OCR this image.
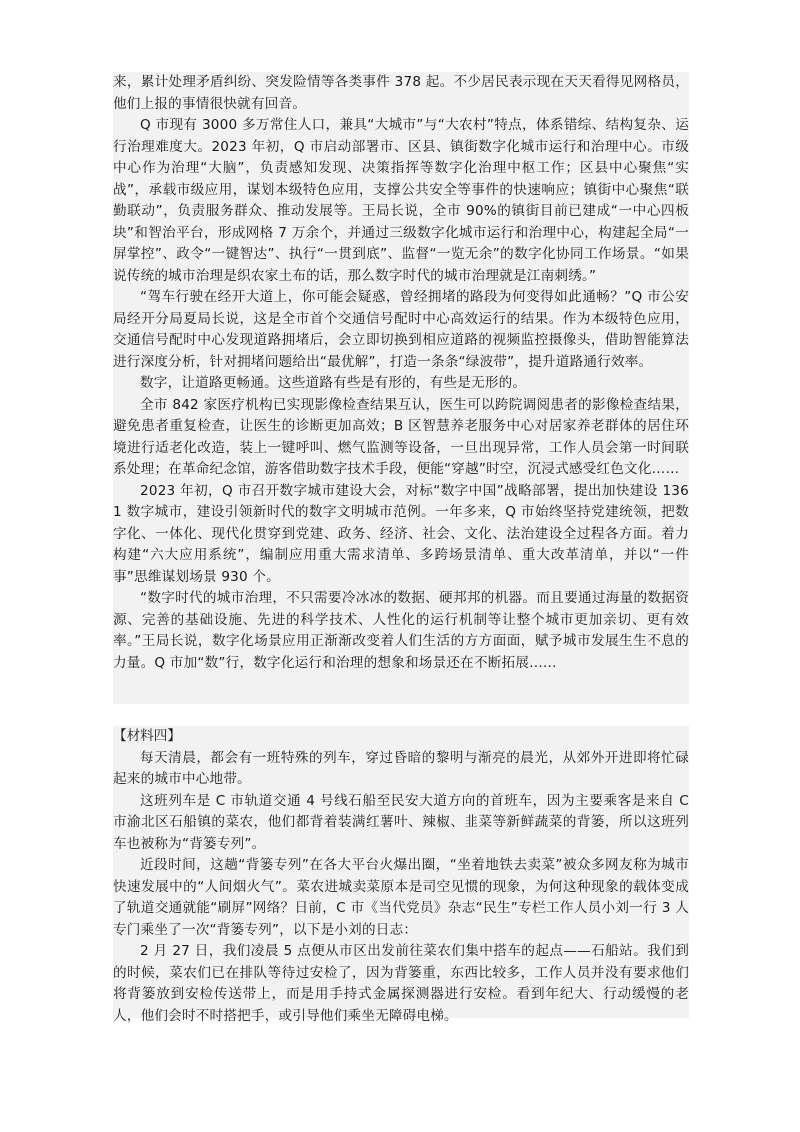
来，累计处理矛盾纠纷、突发险情等各类事件 378 起。不少居民表示现在天天看得见网格员，他们上报的事情很快就有回音。

Q 市现有 3000 多万常住人口，兼具“大城市”与“大农村”特点，体系错综、结构复杂、运行治理难度大。2023 年初，Q 市启动部署市、区县、镇街数字化城市运行和治理中心。市级中心作为治理“大脑”，负责感知发现、决策指挥等数字化治理中枢工作；区县中心聚焦“实战”，承载市级应用，谋划本级特色应用，支撑公共安全等事件的快速响应；镇街中心聚焦“联勤联动”，负责服务群众、推动发展等。王局长说，全市 90%的镇街目前已建成“一中心四板块”和智治平台，形成网格 7 万余个，并通过三级数字化城市运行和治理中心，构建起全局“一屏掌控”、政令“一键智达”、执行“一贯到底”、监督“一览无余”的数字化协同工作场景。“如果说传统的城市治理是织农家土布的话，那么数字时代的城市治理就是江南刺绣。”

“驾车行驶在经开大道上，你可能会疑惑，曾经拥堵的路段为何变得如此通畅？”Q 市公安局经开分局夏局长说，这是全市首个交通信号配时中心高效运行的结果。作为本级特色应用，交通信号配时中心发现道路拥堵后，会立即切换到相应道路的视频监控摄像头，借助智能算法进行深度分析，针对拥堵问题给出“最优解”，打造一条条“绿波带”，提升道路通行效率。

数字，让道路更畅通。这些道路有些是有形的，有些是无形的。

全市 842 家医疗机构已实现影像检查结果互认，医生可以跨院调阅患者的影像检查结果，避免患者重复检查，让医生的诊断更加高效；B 区智慧养老服务中心对居家养老群体的居住环境进行适老化改造，装上一键呼叫、燃气监测等设备，一旦出现异常，工作人员会第一时间联系处理；在革命纪念馆，游客借助数字技术手段，便能“穿越”时空，沉浸式感受红色文化……

2023 年初，Q 市召开数字城市建设大会，对标“数字中国”战略部署，提出加快建设 1361 数字城市，建设引领新时代的数字文明城市范例。一年多来，Q 市始终坚持党建统领，把数字化、一体化、现代化贯穿到党建、政务、经济、社会、文化、法治建设全过程各方面。着力构建“六大应用系统”，编制应用重大需求清单、多跨场景清单、重大改革清单，并以“一件事”思维谋划场景 930 个。

“数字时代的城市治理，不只需要冷冰冰的数据、硬邦邦的机器。而且要通过海量的数据资源、完善的基础设施、先进的科学技术、人性化的运行机制等让整个城市更加亲切、更有效率。”王局长说，数字化场景应用正渐渐改变着人们生活的方方面面，赋予城市发展生生不息的力量。Q 市加“数”行，数字化运行和治理的想象和场景还在不断拓展……

【材料四】

每天清晨，都会有一班特殊的列车，穿过昏暗的黎明与渐亮的晨光，从郊外开进即将忙碌起来的城市中心地带。

这班列车是 C 市轨道交通 4 号线石船至民安大道方向的首班车，因为主要乘客是来自 C 市渝北区石船镇的菜农，他们都背着装满红薯叶、辣椒、韭菜等新鲜蔬菜的背篓，所以这班列车也被称为“背篓专列”。

近段时间，这趟“背篓专列”在各大平台火爆出圈，“坐着地铁去卖菜”被众多网友称为城市快速发展中的“人间烟火气”。菜农进城卖菜原本是司空见惯的现象，为何这种现象的载体变成了轨道交通就能“刷屏”网络？日前，C 市《当代党员》杂志“民生”专栏工作人员小刘一行 3 人专门乘坐了一次“背篓专列”，以下是小刘的日志：

2 月 27 日，我们凌晨 5 点便从市区出发前往菜农们集中搭车的起点——石船站。我们到的时候，菜农们已在排队等待过安检了，因为背篓重，东西比较多，工作人员并没有要求他们将背篓放到安检传送带上，而是用手持式金属探测器进行安检。看到年纪大、行动缓慢的老人，他们会时不时搭把手，或引导他们乘坐无障碍电梯。
